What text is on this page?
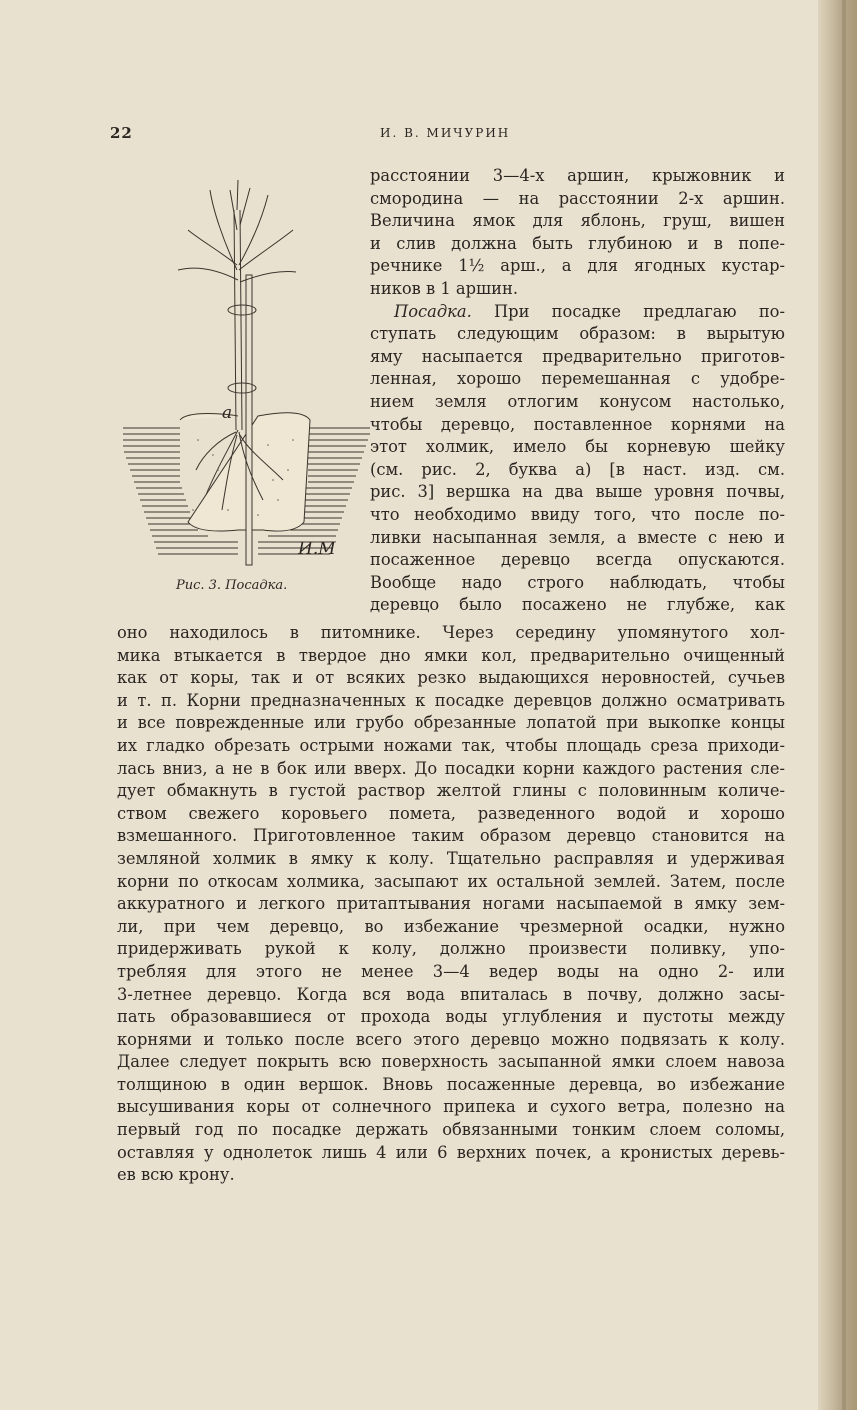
22	И. В. МИЧУРИН
а
И.М
Рис. 3. Посадка.
расстоянии 3—4-х аршин, крыжовник и
смородина — на расстоянии 2-х аршин.
Величина ямок для яблонь, груш, вишен
и слив должна быть глубиною и в попе-
речнике 1½ арш., а для ягодных кустар-
ников в 1 аршин.
Посадка. При посадке предлагаю по-
ступать следующим образом: в вырытую
яму насыпается предварительно приготов-
ленная, хорошо перемешанная с удобре-
нием земля отлогим конусом настолько,
чтобы деревцо, поставленное корнями на
этот холмик, имело бы корневую шейку
(см. рис. 2, буква а) [в наст. изд. см.
рис. 3] вершка на два выше уровня почвы,
что необходимо ввиду того, что после по-
ливки насыпанная земля, а вместе с нею и
посаженное деревцо всегда опускаются.
Вообще надо строго наблюдать, чтобы
деревцо было посажено не глубже, как
оно находилось в питомнике. Через середину упомянутого хол-
мика втыкается в твердое дно ямки кол, предварительно очищенный
как от коры, так и от всяких резко выдающихся неровностей, сучьев
и т. п. Корни предназначенных к посадке деревцов должно осматривать
и все поврежденные или грубо обрезанные лопатой при выкопке концы
их гладко обрезать острыми ножами так, чтобы площадь среза приходи-
лась вниз, а не в бок или вверх. До посадки корни каждого растения сле-
дует обмакнуть в густой раствор желтой глины с половинным количе-
ством свежего коровьего помета, разведенного водой и хорошо
взмешанного. Приготовленное таким образом деревцо становится на
земляной холмик в ямку к колу. Тщательно расправляя и удерживая
корни по откосам холмика, засыпают их остальной землей. Затем, после
аккуратного и легкого притаптывания ногами насыпаемой в ямку зем-
ли, при чем деревцо, во избежание чрезмерной осадки, нужно
придерживать рукой к колу, должно произвести поливку, упо-
требляя для этого не менее 3—4 ведер воды на одно 2- или
3-летнее деревцо. Когда вся вода впиталась в почву, должно засы-
пать образовавшиеся от прохода воды углубления и пустоты между
корнями и только после всего этого деревцо можно подвязать к колу.
Далее следует покрыть всю поверхность засыпанной ямки слоем навоза
толщиною в один вершок. Вновь посаженные деревца, во избежание
высушивания коры от солнечного припека и сухого ветра, полезно на
первый год по посадке держать обвязанными тонким слоем соломы,
оставляя у однолеток лишь 4 или 6 верхних почек, а кронистых деревь-
ев всю крону.
